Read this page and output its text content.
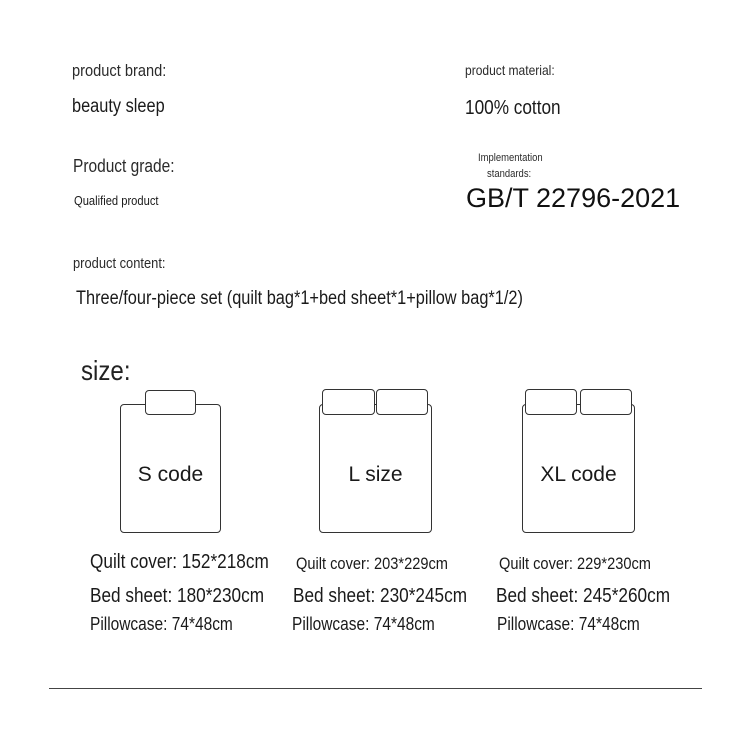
product brand:
beauty sleep
product material:
100% cotton
Product grade:
Qualified product
Implementation
standards:
GB/T 22796-2021
product content:
Three/four-piece set (quilt bag*1+bed sheet*1+pillow bag*1/2)
size:
S code	L size	XL code
Quilt cover: 152*218cm
Bed sheet: 180*230cm
Pillowcase: 74*48cm
Quilt cover: 203*229cm
Bed sheet: 230*245cm
Pillowcase: 74*48cm
Quilt cover: 229*230cm
Bed sheet: 245*260cm
Pillowcase: 74*48cm
